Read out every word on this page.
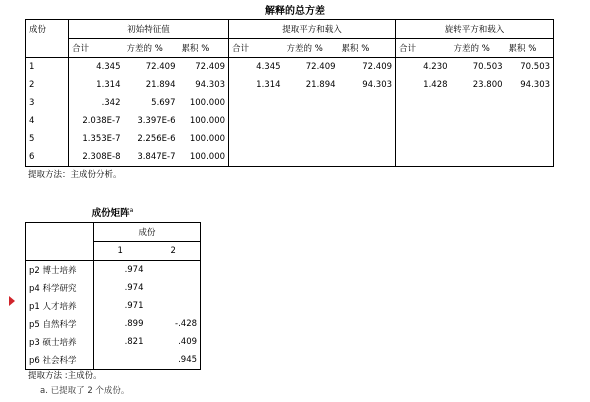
解释的总方差
成份	初始特征值			提取平方和载入			旋转平方和载入		
	合计	方差的 %	累积 %	合计	方差的 %	累积 %	合计	方差的 %	累积 %
1	4.345	72.409	72.409	4.345	72.409	72.409	4.230	70.503	70.503
2	1.314	21.894	94.303	1.314	21.894	94.303	1.428	23.800	94.303
3	.342	5.697	100.000						
4	2.038E-7	3.397E-6	100.000						
5	1.353E-7	2.256E-6	100.000						
6	2.308E-8	3.847E-7	100.000						
提取方法：主成份分析。
成份矩阵$^a$
	成份	
	1	2
p2 博士培养	.974	
p4 科学研究	.974	
p1 人才培养	.971	
p5 自然科学	.899	-.428
p3 硕士培养	.821	.409
p6 社会科学		.945
提取方法 :主成份。
a. 已提取了 2 个成份。
